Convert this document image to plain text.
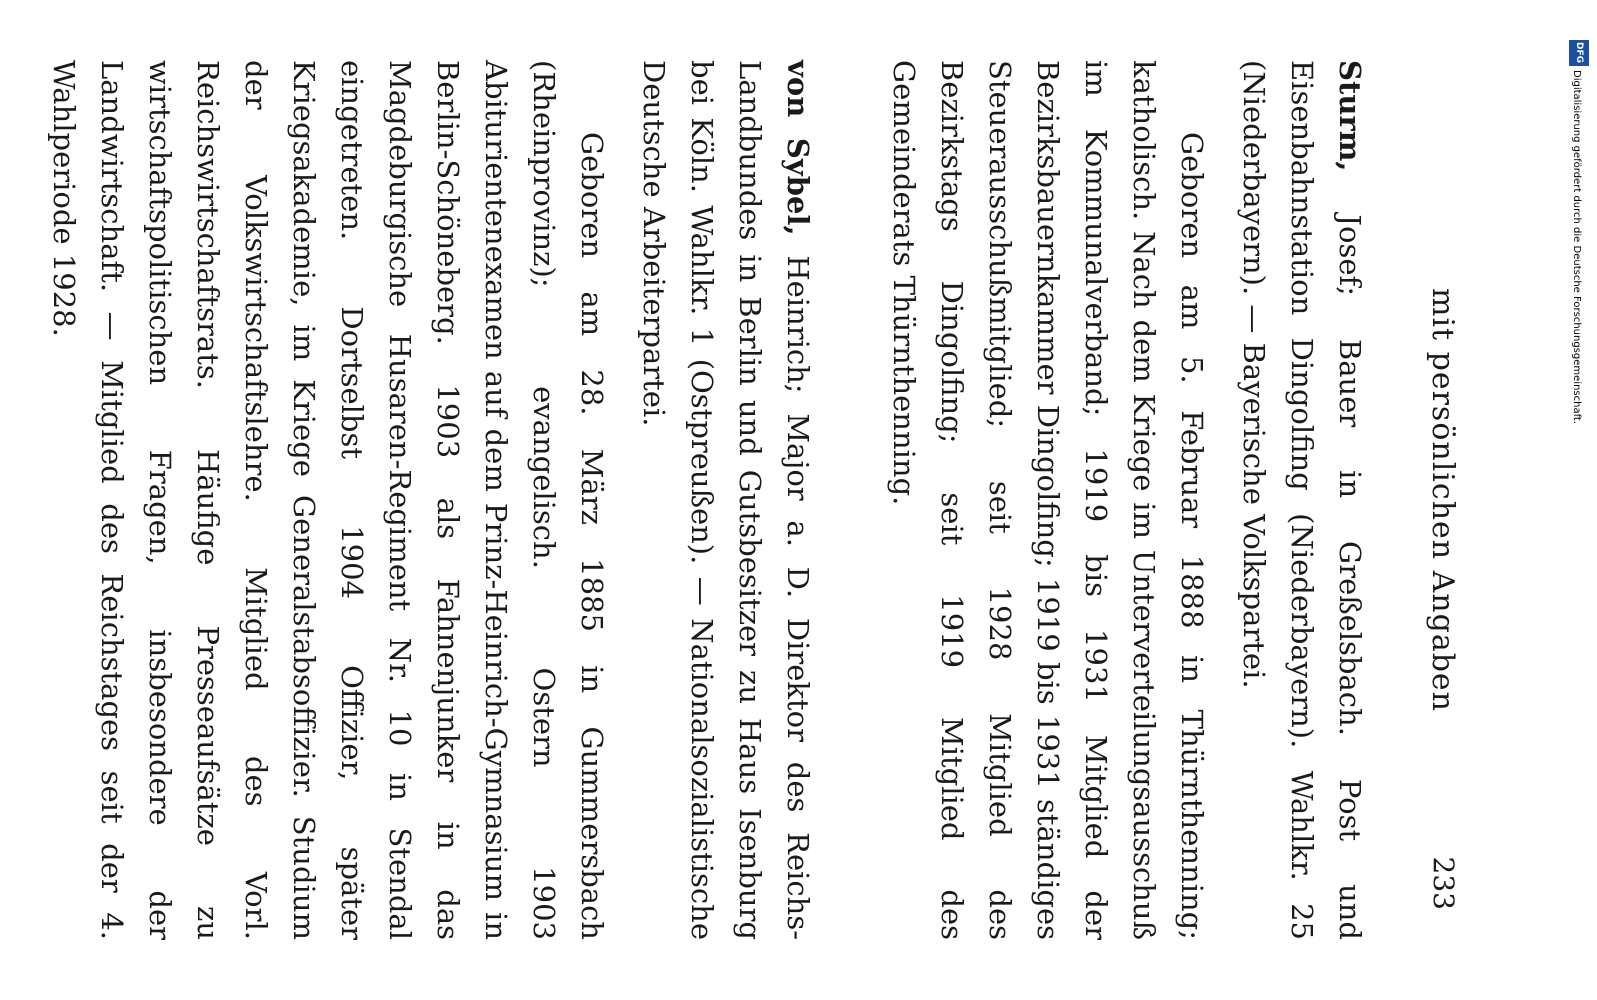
mit persönlichen Angaben
233

Sturm, Josef; Bauer in Greßelsbach. Post und Eisenbahnstation Dingolfing (Niederbayern). Wahlkr. 25 (Niederbayern). — Bayerische Volkspartei.

Geboren am 5. Februar 1888 in Thürnthenning; katholisch. Nach dem Kriege im Unterverteilungsausschuß im Kommunalverband; 1919 bis 1931 Mitglied der Bezirksbauernkammer Dingolfing; 1919 bis 1931 ständiges Steuerausschußmitglied; seit 1928 Mitglied des Bezirkstags Dingolfing; seit 1919 Mitglied des Gemeinderats Thürnthenning.

von Sybel, Heinrich; Major a. D. Direktor des Reichs-Landbundes in Berlin und Gutsbesitzer zu Haus Isenburg bei Köln. Wahlkr. 1 (Ostpreußen). — Nationalsozialistische Deutsche Arbeiterpartei.

Geboren am 28. März 1885 in Gummersbach (Rheinprovinz); evangelisch. Ostern 1903 Abiturientenexamen auf dem Prinz-Heinrich-Gymnasium in Berlin-Schöneberg. 1903 als Fahnenjunker in das Magdeburgische Husaren-Regiment Nr. 10 in Stendal eingetreten. Dortselbst 1904 Offizier, später Kriegsakademie, im Kriege Generalstabsoffizier. Studium der Volkswirtschaftslehre. Mitglied des Vorl. Reichswirtschaftsrats. Häufige Presseaufsätze zu wirtschaftspolitischen Fragen, insbesondere der Landwirtschaft. — Mitglied des Reichstages seit der 4. Wahlperiode 1928.

DFG
Digitalisierung gefördert durch die Deutsche Forschungsgemeinschaft.
